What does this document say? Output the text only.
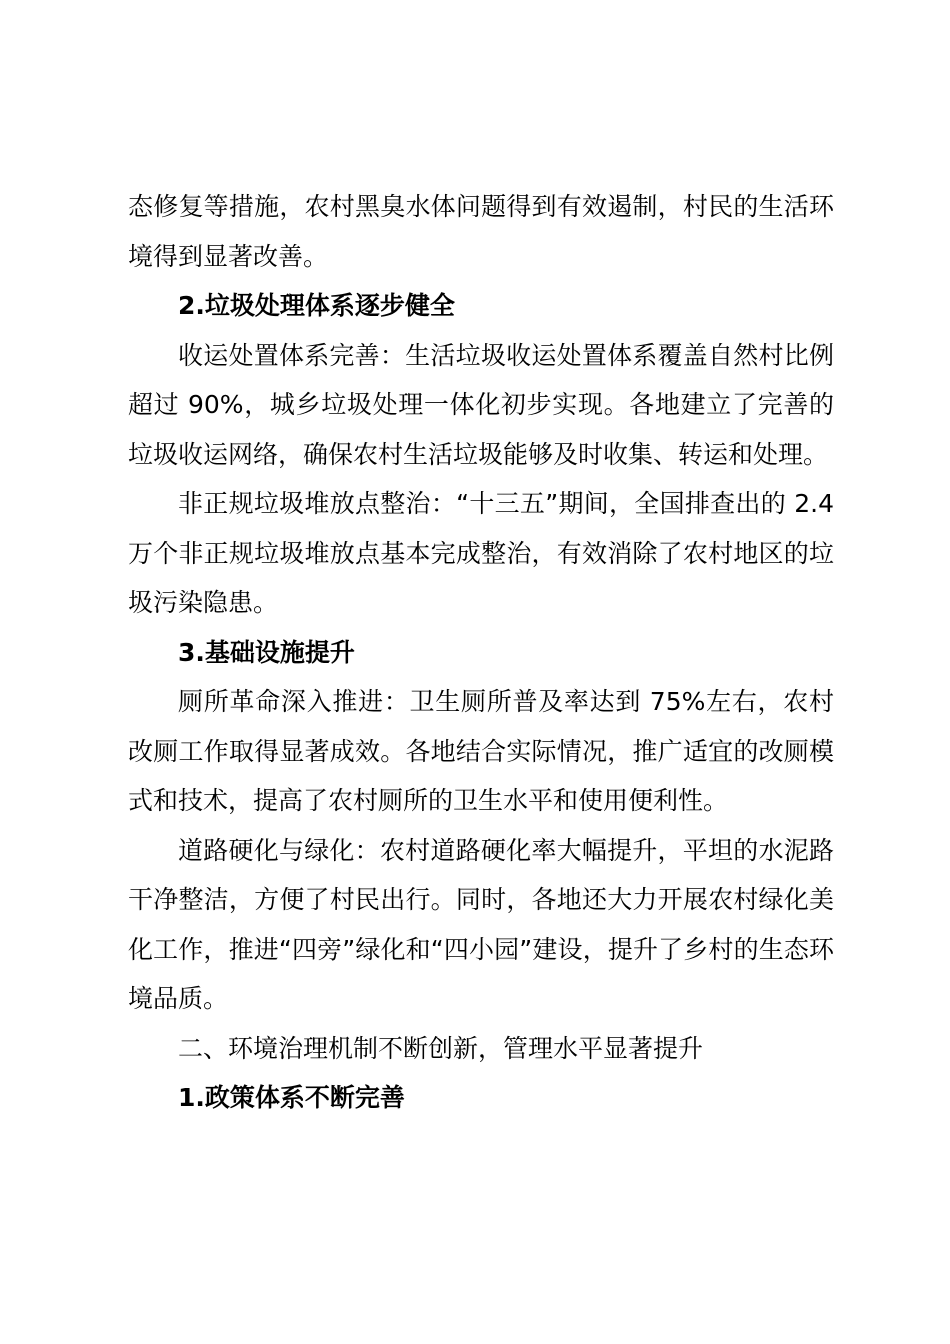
态修复等措施，农村黑臭水体问题得到有效遏制，村民的生活环境得到显著改善。

2.垃圾处理体系逐步健全

收运处置体系完善：生活垃圾收运处置体系覆盖自然村比例超过 90%，城乡垃圾处理一体化初步实现。各地建立了完善的垃圾收运网络，确保农村生活垃圾能够及时收集、转运和处理。

非正规垃圾堆放点整治：“十三五”期间，全国排查出的 2.4 万个非正规垃圾堆放点基本完成整治，有效消除了农村地区的垃圾污染隐患。

3.基础设施提升

厕所革命深入推进：卫生厕所普及率达到 75%左右，农村改厕工作取得显著成效。各地结合实际情况，推广适宜的改厕模式和技术，提高了农村厕所的卫生水平和使用便利性。

道路硬化与绿化：农村道路硬化率大幅提升，平坦的水泥路干净整洁，方便了村民出行。同时，各地还大力开展农村绿化美化工作，推进“四旁”绿化和“四小园”建设，提升了乡村的生态环境品质。

二、环境治理机制不断创新，管理水平显著提升

1.政策体系不断完善
